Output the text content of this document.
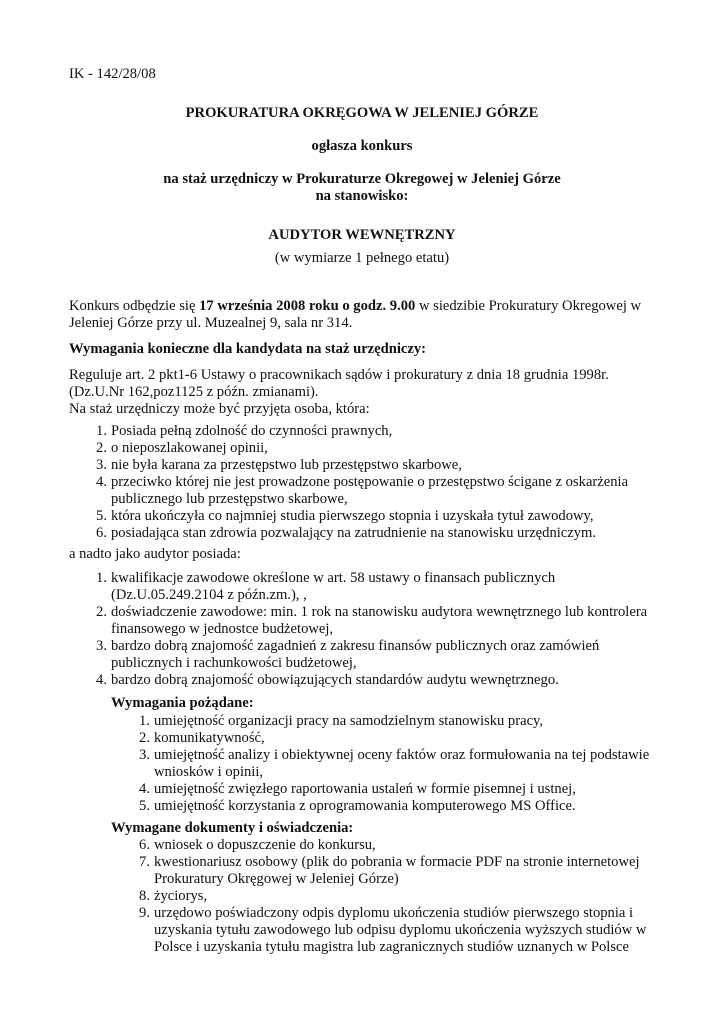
IK - 142/28/08

PROKURATURA OKRĘGOWA W JELENIEJ GÓRZE

ogłasza konkurs

na staż urzędniczy w Prokuraturze Okregowej w Jeleniej Górze
na stanowisko:

AUDYTOR WEWNĘTRZNY

(w wymiarze 1 pełnego etatu)

Konkurs odbędzie się 17 września 2008 roku o godz. 9.00 w siedzibie Prokuratury Okregowej w Jeleniej Górze przy ul. Muzealnej 9, sala nr 314.

Wymagania konieczne dla kandydata na staż urzędniczy:

Reguluje art. 2 pkt1-6 Ustawy o pracownikach sądów i prokuratury z dnia 18 grudnia 1998r.
(Dz.U.Nr 162,poz1125 z późn. zmianami).
Na staż urzędniczy może być przyjęta osoba, która:
1. Posiada pełną zdolność do czynności prawnych,
2. o nieposzlakowanej opinii,
3. nie była karana za przestępstwo lub przestępstwo skarbowe,
4. przeciwko której nie jest prowadzone postępowanie o przestępstwo ścigane z oskarżenia publicznego lub przestępstwo skarbowe,
5. która ukończyła co najmniej studia pierwszego stopnia i uzyskała tytuł zawodowy,
6. posiadająca stan zdrowia pozwalający na zatrudnienie na stanowisku urzędniczym.

a nadto jako audytor posiada:

1. kwalifikacje zawodowe określone w art. 58 ustawy o finansach publicznych (Dz.U.05.249.2104 z późn.zm.), ,
2. doświadczenie zawodowe: min. 1 rok na stanowisku audytora wewnętrznego lub kontrolera finansowego w jednostce budżetowej,
3. bardzo dobrą znajomość zagadnień z zakresu finansów publicznych oraz zamówień publicznych i rachunkowości budżetowej,
4. bardzo dobrą znajomość obowiązujących standardów audytu wewnętrznego.

Wymagania pożądane:

1. umiejętność organizacji pracy na samodzielnym stanowisku pracy,
2. komunikatywność,
3. umiejętność analizy i obiektywnej oceny faktów oraz formułowania na tej podstawie wniosków i opinii,
4. umiejętność zwięzłego raportowania ustaleń w formie pisemnej i ustnej,
5. umiejętność korzystania z oprogramowania komputerowego MS Office.

Wymagane dokumenty i oświadczenia:

6. wniosek o dopuszczenie do konkursu,
7. kwestionariusz osobowy (plik do pobrania w formacie PDF na stronie internetowej Prokuratury Okręgowej w Jeleniej Górze)
8. życiorys,
9. urzędowo poświadczony odpis dyplomu ukończenia studiów pierwszego stopnia i uzyskania tytułu zawodowego lub odpisu dyplomu ukończenia wyższych studiów w Polsce i uzyskania tytułu magistra lub zagranicznych studiów uznanych w Polsce
